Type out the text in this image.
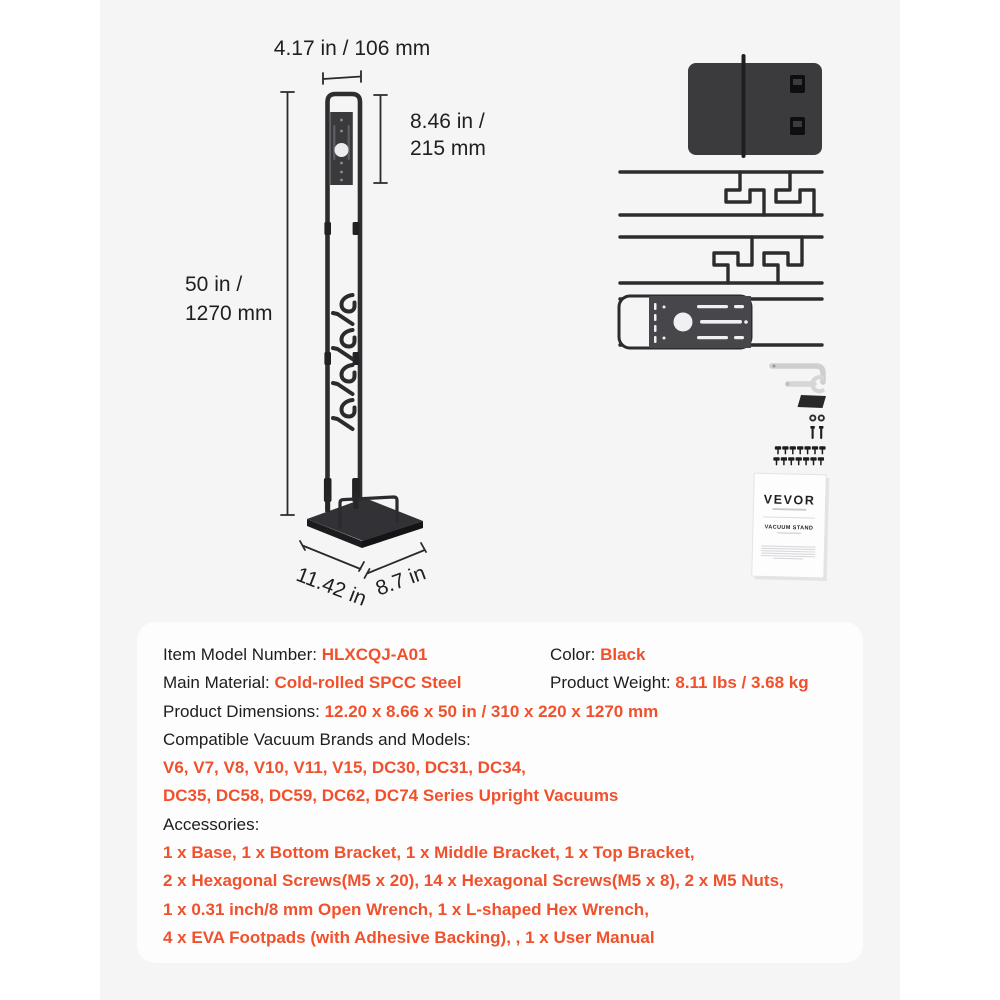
4.17 in / 106 mm
8.46 in /
215 mm
50 in /
1270 mm
11.42 in 8.7 in
VEVOR
VACUUM STAND

Item Model Number: HLXCQJ-A01	Color: Black

Main Material: Cold-rolled SPCC Steel	Product Weight: 8.11 lbs / 3.68 kg

Product Dimensions: 12.20 x 8.66 x 50 in / 310 x 220 x 1270 mm

Compatible Vacuum Brands and Models:

V6, V7, V8, V10, V11, V15, DC30, DC31, DC34,

DC35, DC58, DC59, DC62, DC74 Series Upright Vacuums

Accessories:

1 x Base, 1 x Bottom Bracket, 1 x Middle Bracket, 1 x Top Bracket,

2 x Hexagonal Screws(M5 x 20), 14 x Hexagonal Screws(M5 x 8), 2 x M5 Nuts,

1 x 0.31 inch/8 mm Open Wrench, 1 x L-shaped Hex Wrench,

4 x EVA Footpads (with Adhesive Backing), , 1 x User Manual
